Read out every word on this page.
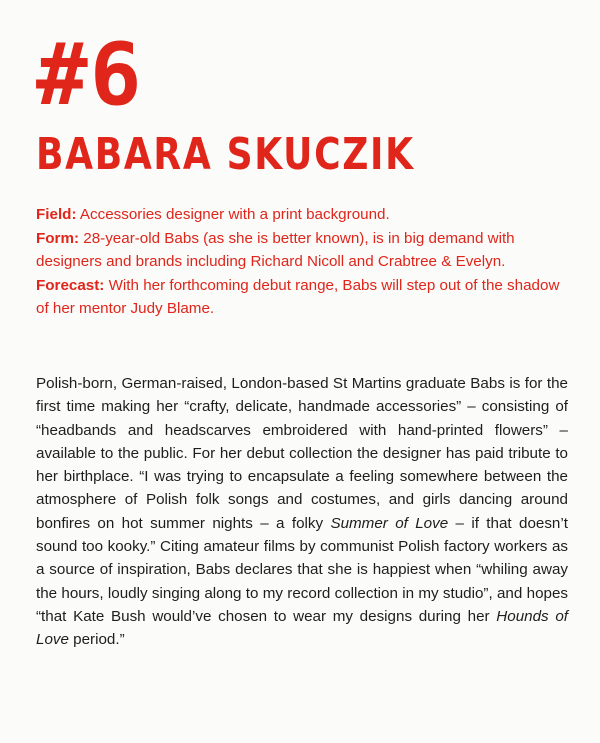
#6
BABARA SKUCZIK

Field: Accessories designer with a print background.

Form: 28-year-old Babs (as she is better known), is in big demand with designers and brands including Richard Nicoll and Crabtree & Evelyn.

Forecast: With her forthcoming debut range, Babs will step out of the shadow of her mentor Judy Blame.

Polish-born, German-raised, London-based St Martins graduate Babs is for the first time making her “crafty, delicate, handmade accessories” – consisting of “headbands and headscarves embroidered with hand-printed flowers” – available to the public. For her debut collection the designer has paid tribute to her birthplace. “I was trying to encapsulate a feeling somewhere between the atmosphere of Polish folk songs and costumes, and girls dancing around bonfires on hot summer nights – a folky Summer of Love – if that doesn’t sound too kooky.” Citing amateur films by communist Polish factory workers as a source of inspiration, Babs declares that she is happiest when “whiling away the hours, loudly singing along to my record collection in my studio”, and hopes “that Kate Bush would’ve chosen to wear my designs during her Hounds of Love period.”
